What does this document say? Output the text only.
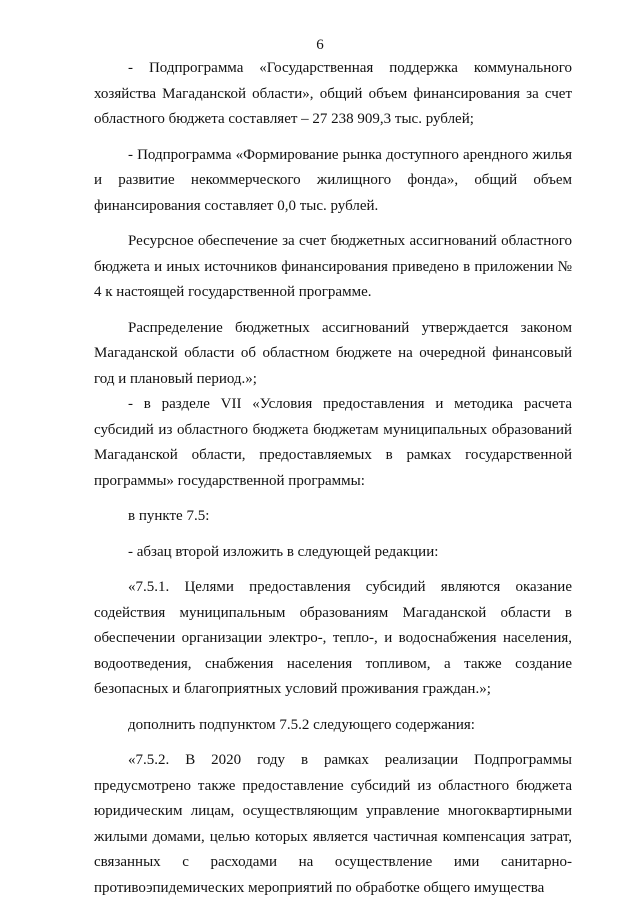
6

- Подпрограмма «Государственная поддержка коммунального хозяйства Магаданской области», общий объем финансирования за счет областного бюджета составляет – 27 238 909,3 тыс. рублей;

- Подпрограмма «Формирование рынка доступного арендного жилья и развитие некоммерческого жилищного фонда», общий объем финансирования составляет 0,0 тыс. рублей.

Ресурсное обеспечение за счет бюджетных ассигнований областного бюджета и иных источников финансирования приведено в приложении № 4 к настоящей государственной программе.

Распределение бюджетных ассигнований утверждается законом Магаданской области об областном бюджете на очередной финансовый год и плановый период.»;

- в разделе VII «Условия предоставления и методика расчета субсидий из областного бюджета бюджетам муниципальных образований Магаданской области, предоставляемых в рамках государственной программы» государственной программы:

в пункте 7.5:

- абзац второй изложить в следующей редакции:

«7.5.1. Целями предоставления субсидий являются оказание содействия муниципальным образованиям Магаданской области в обеспечении организации электро-, тепло-, и водоснабжения населения, водоотведения, снабжения населения топливом, а также создание безопасных и благоприятных условий проживания граждан.»;

дополнить подпунктом 7.5.2 следующего содержания:

«7.5.2. В 2020 году в рамках реализации Подпрограммы предусмотрено также предоставление субсидий из областного бюджета юридическим лицам, осуществляющим управление многоквартирными жилыми домами, целью которых является частичная компенсация затрат, связанных с расходами на осуществление ими санитарно-противоэпидемических мероприятий по обработке общего имущества
